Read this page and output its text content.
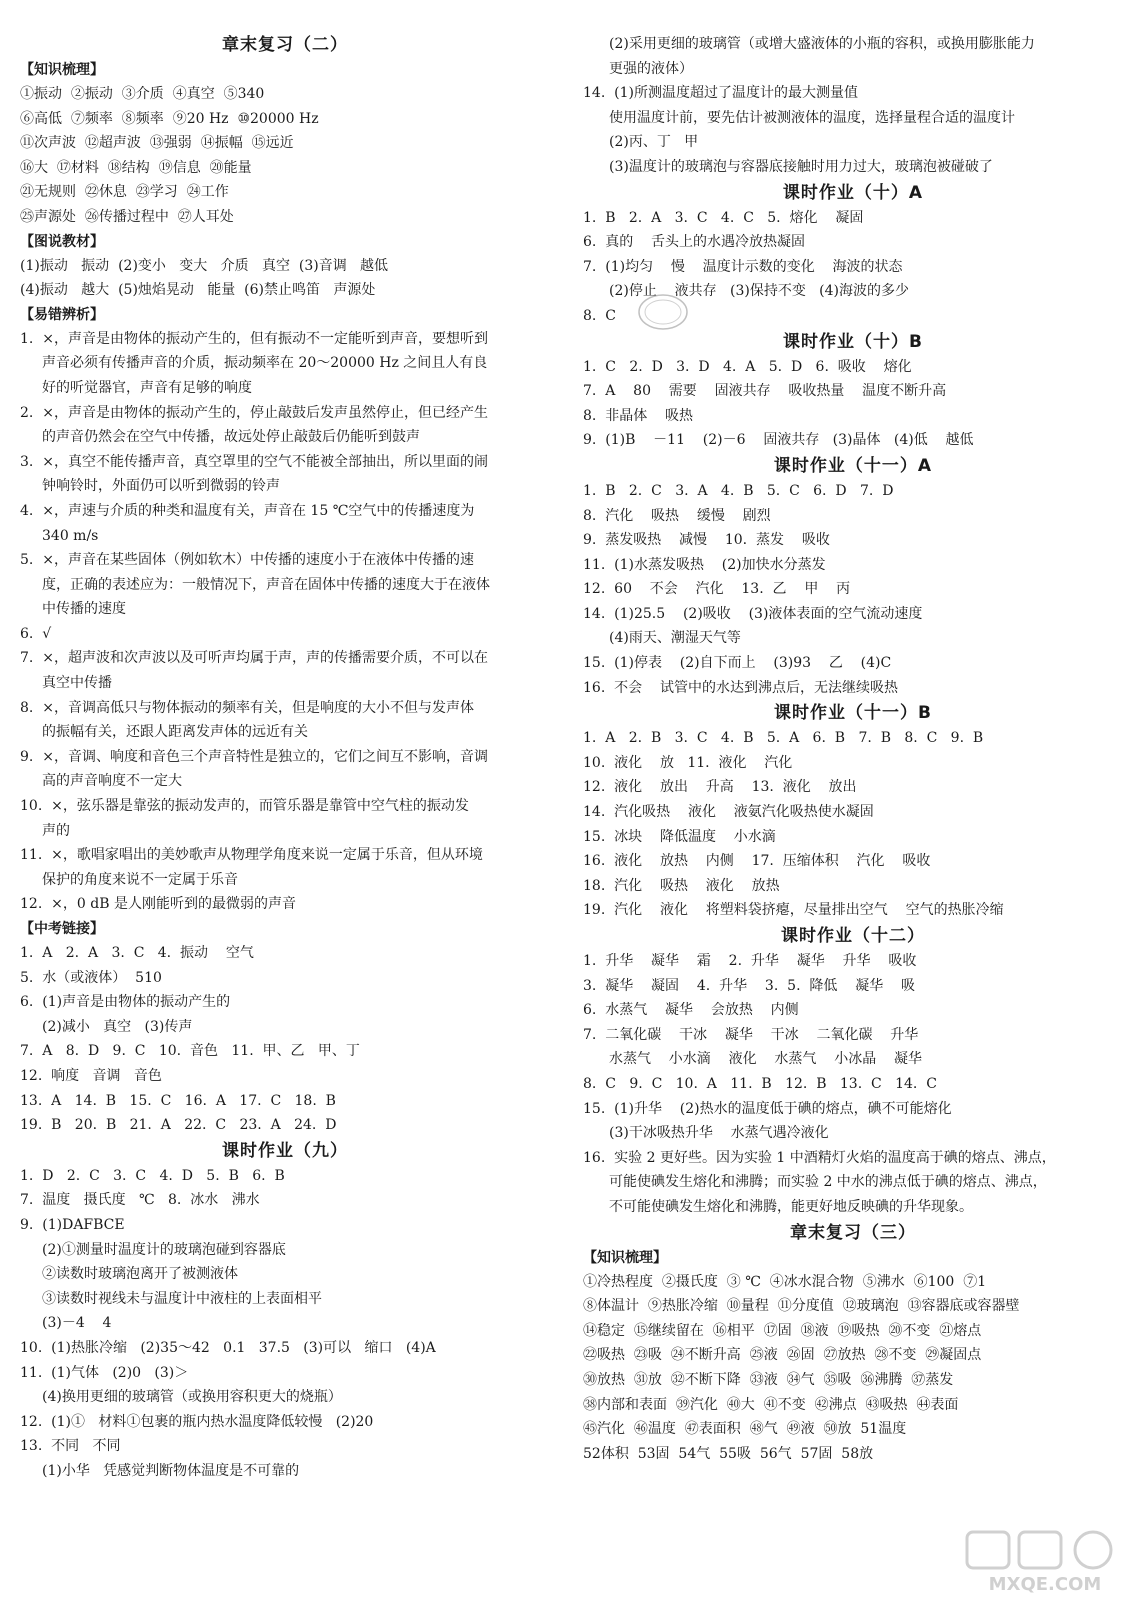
章末复习（二）
【知识梳理】
①振动  ②振动  ③介质  ④真空  ⑤340
⑥高低  ⑦频率  ⑧频率  ⑨20 Hz  ⑩20000 Hz
⑪次声波  ⑫超声波  ⑬强弱  ⑭振幅  ⑮远近
⑯大  ⑰材料  ⑱结构  ⑲信息  ⑳能量
㉑无规则  ㉒休息  ㉓学习  ㉔工作
㉕声源处  ㉖传播过程中  ㉗人耳处
【图说教材】
(1)振动   振动  (2)变小   变大   介质   真空  (3)音调   越低
(4)振动   越大  (5)烛焰晃动   能量  (6)禁止鸣笛   声源处
【易错辨析】
1.  ×，声音是由物体的振动产生的，但有振动不一定能听到声音，要想听到
声音必须有传播声音的介质，振动频率在 20～20000 Hz 之间且人有良
好的听觉器官，声音有足够的响度
2.  ×，声音是由物体的振动产生的，停止敲鼓后发声虽然停止，但已经产生
的声音仍然会在空气中传播，故远处停止敲鼓后仍能听到鼓声
3.  ×，真空不能传播声音，真空罩里的空气不能被全部抽出，所以里面的闹
钟响铃时，外面仍可以听到微弱的铃声
4.  ×，声速与介质的种类和温度有关，声音在 15 ℃空气中的传播速度为
340 m/s
5.  ×，声音在某些固体（例如软木）中传播的速度小于在液体中传播的速
度，正确的表述应为：一般情况下，声音在固体中传播的速度大于在液体
中传播的速度
6.  √
7.  ×，超声波和次声波以及可听声均属于声，声的传播需要介质，不可以在
真空中传播
8.  ×，音调高低只与物体振动的频率有关，但是响度的大小不但与发声体
的振幅有关，还跟人距离发声体的远近有关
9.  ×，音调、响度和音色三个声音特性是独立的，它们之间互不影响，音调
高的声音响度不一定大
10.  ×，弦乐器是靠弦的振动发声的，而管乐器是靠管中空气柱的振动发
声的
11.  ×，歌唱家唱出的美妙歌声从物理学角度来说一定属于乐音，但从环境
保护的角度来说不一定属于乐音
12.  ×，0 dB 是人刚能听到的最微弱的声音
【中考链接】
1.  A   2.  A   3.  C   4.  振动    空气
5.  水（或液体）  510
6.  (1)声音是由物体的振动产生的
(2)减小   真空   (3)传声
7.  A   8.  D   9.  C   10.  音色   11.  甲、乙   甲、丁
12.  响度   音调   音色
13.  A   14.  B   15.  C   16.  A   17.  C   18.  B
19.  B   20.  B   21.  A   22.  C   23.  A   24.  D
课时作业（九）
1.  D   2.  C   3.  C   4.  D   5.  B   6.  B
7.  温度   摄氏度   ℃   8.  冰水   沸水
9.  (1)DAFBCE
(2)①测量时温度计的玻璃泡碰到容器底
②读数时玻璃泡离开了被测液体
③读数时视线未与温度计中液柱的上表面相平
(3)－4    4
10.  (1)热胀冷缩   (2)35～42   0.1   37.5   (3)可以   缩口   (4)A
11.  (1)气体   (2)0   (3)＞
(4)换用更细的玻璃管（或换用容积更大的烧瓶）
12.  (1)①   材料①包裹的瓶内热水温度降低较慢   (2)20
13.  不同   不同
(1)小华   凭感觉判断物体温度是不可靠的
(2)采用更细的玻璃管（或增大盛液体的小瓶的容积，或换用膨胀能力
更强的液体）
14.  (1)所测温度超过了温度计的最大测量值
使用温度计前，要先估计被测液体的温度，选择量程合适的温度计
(2)丙、丁   甲
(3)温度计的玻璃泡与容器底接触时用力过大，玻璃泡被碰破了
课时作业（十）A
1.  B   2.  A   3.  C   4.  C   5.  熔化    凝固
6.  真的    舌头上的水遇冷放热凝固
7.  (1)均匀    慢    温度计示数的变化    海波的状态
(2)停止    液共存   (3)保持不变   (4)海波的多少
8.  C
课时作业（十）B
1.  C   2.  D   3.  D   4.  A   5.  D   6.  吸收    熔化
7.  A    80    需要    固液共存    吸收热量    温度不断升高
8.  非晶体    吸热
9.  (1)B    －11    (2)－6    固液共存   (3)晶体   (4)低    越低
课时作业（十一）A
1.  B   2.  C   3.  A   4.  B   5.  C   6.  D   7.  D
8.  汽化    吸热    缓慢    剧烈
9.  蒸发吸热    减慢    10.  蒸发    吸收
11.  (1)水蒸发吸热    (2)加快水分蒸发
12.  60    不会    汽化    13.  乙    甲    丙
14.  (1)25.5    (2)吸收    (3)液体表面的空气流动速度
(4)雨天、潮湿天气等
15.  (1)停表    (2)自下而上    (3)93    乙    (4)C
16.  不会    试管中的水达到沸点后，无法继续吸热
课时作业（十一）B
1.  A   2.  B   3.  C   4.  B   5.  A   6.  B   7.  B   8.  C   9.  B
10.  液化    放   11.  液化    汽化
12.  液化    放出    升高    13.  液化    放出
14.  汽化吸热    液化    液氨汽化吸热使水凝固
15.  冰块    降低温度    小水滴
16.  液化    放热    内侧    17.  压缩体积    汽化    吸收
18.  汽化    吸热    液化    放热
19.  汽化    液化    将塑料袋挤瘪，尽量排出空气    空气的热胀冷缩
课时作业（十二）
1.  升华    凝华    霜    2.  升华    凝华    升华    吸收
3.  凝华    凝固    4.  升华    3.  5.  降低    凝华    吸
6.  水蒸气    凝华    会放热    内侧
7.  二氧化碳    干冰    凝华    干冰    二氧化碳    升华
水蒸气    小水滴    液化    水蒸气    小冰晶    凝华
8.  C   9.  C   10.  A   11.  B   12.  B   13.  C   14.  C
15.  (1)升华    (2)热水的温度低于碘的熔点，碘不可能熔化
(3)干冰吸热升华    水蒸气遇冷液化
16.  实验 2 更好些。因为实验 1 中酒精灯火焰的温度高于碘的熔点、沸点，
可能使碘发生熔化和沸腾；而实验 2 中水的沸点低于碘的熔点、沸点，
不可能使碘发生熔化和沸腾，能更好地反映碘的升华现象。
章末复习（三）
【知识梳理】
①冷热程度  ②摄氏度  ③ ℃  ④冰水混合物  ⑤沸水  ⑥100  ⑦1
⑧体温计  ⑨热胀冷缩  ⑩量程  ⑪分度值  ⑫玻璃泡  ⑬容器底或容器壁
⑭稳定  ⑮继续留在  ⑯相平  ⑰固  ⑱液  ⑲吸热  ⑳不变  ㉑熔点
㉒吸热  ㉓吸  ㉔不断升高  ㉕液  ㉖固  ㉗放热  ㉘不变  ㉙凝固点
㉚放热  ㉛放  ㉜不断下降  ㉝液  ㉞气  ㉟吸  ㊱沸腾  ㊲蒸发
㊳内部和表面  ㊴汽化  ㊵大  ㊶不变  ㊷沸点  ㊸吸热  ㊹表面
㊺汽化  ㊻温度  ㊼表面积  ㊽气  ㊾液  ㊿放  51温度
52体积  53固  54气  55吸  56气  57固  58放
MXQE.COM
